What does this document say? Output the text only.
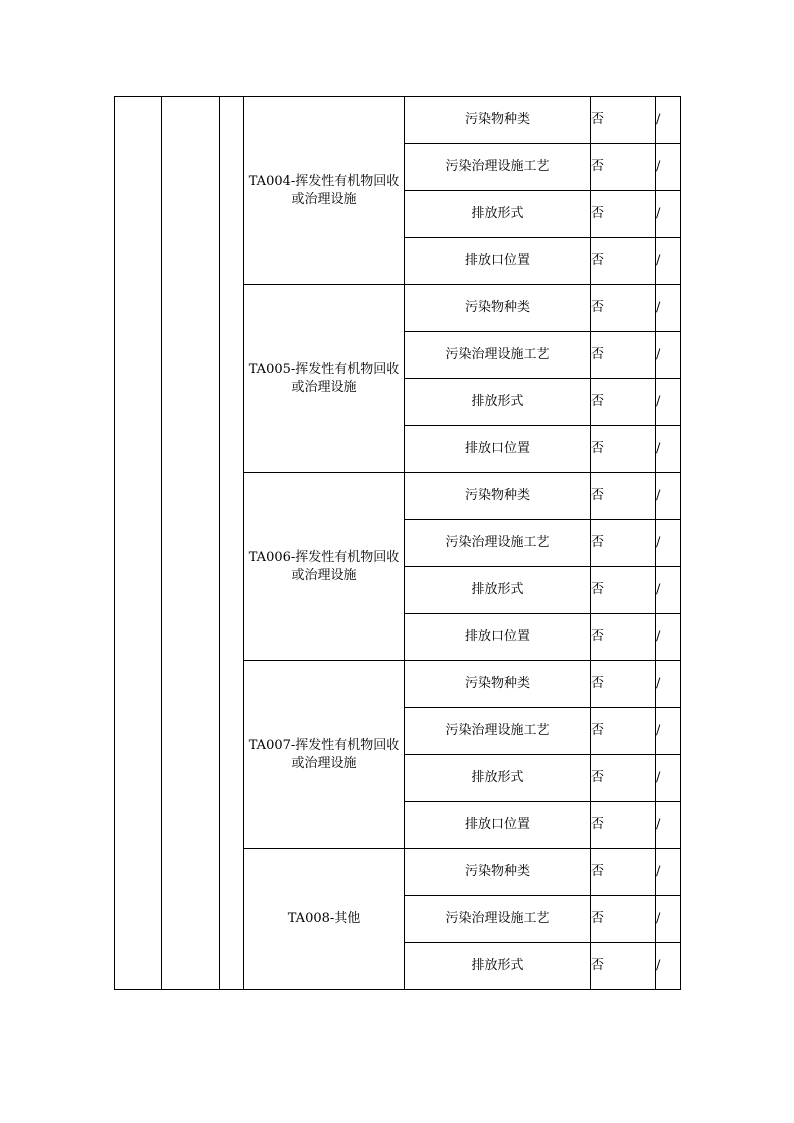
			TA004-挥发性有机物回收或治理设施	污染物种类	否	/
				污染治理设施工艺	否	/
				排放形式	否	/
				排放口位置	否	/
			TA005-挥发性有机物回收或治理设施	污染物种类	否	/
				污染治理设施工艺	否	/
				排放形式	否	/
				排放口位置	否	/
			TA006-挥发性有机物回收或治理设施	污染物种类	否	/
				污染治理设施工艺	否	/
				排放形式	否	/
				排放口位置	否	/
			TA007-挥发性有机物回收或治理设施	污染物种类	否	/
				污染治理设施工艺	否	/
				排放形式	否	/
				排放口位置	否	/
			TA008-其他	污染物种类	否	/
				污染治理设施工艺	否	/
				排放形式	否	/
